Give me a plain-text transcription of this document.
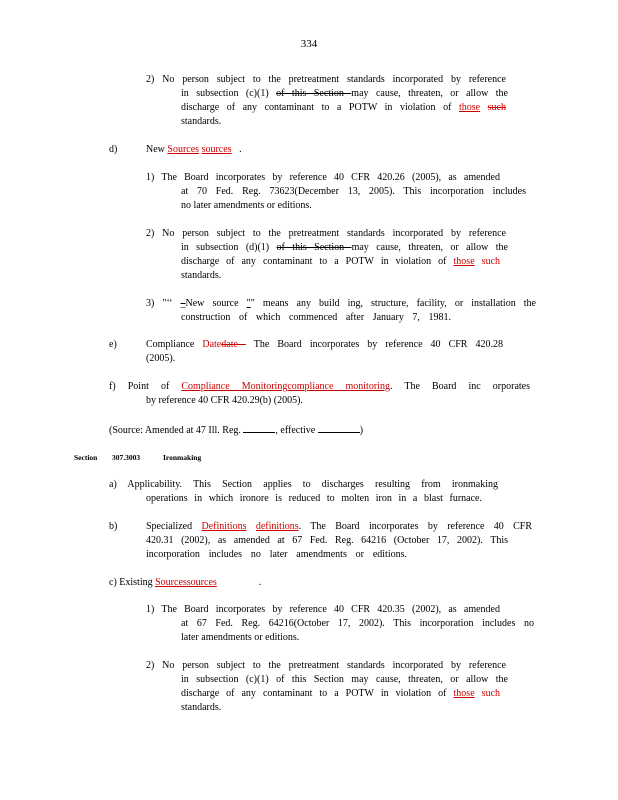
334
2) No person subject to the pretreatment standards incorporated by reference
in subsection (c)(1) of this Section may cause, threaten, or allow the
discharge of any contaminant to a POTW in violation of those such
standards.
d)	New Sources sources .
1) The Board incorporates by reference 40 CFR 420.26 (2005), as amended
at 70 Fed. Reg. 73623(December 13, 2005). This incorporation includes
no later amendments or editions.
2) No person subject to the pretreatment standards incorporated by reference
in subsection (d)(1) of this Section may cause, threaten, or allow the
discharge of any contaminant to a POTW in violation of those such
standards.
3) "‘‘ _New source "" means any build ing, structure, facility, or installation the
construction of which commenced after January 7, 1981.
e)	Compliance Datedate  The Board incorporates by reference 40 CFR 420.28
(2005).
f) Point of Compliance Monitoringcompliance monitoring. The Board inc orporates
by reference 40 CFR 420.29(b) (2005).
(Source: Amended at 47 Ill. Reg.	, effective	)
Section 307.3003	Ironmaking
a) Applicability. This Section applies to discharges resulting from ironmaking
operations in which ironore is reduced to molten iron in a blast furnace.
b)	Specialized Definitions definitions. The Board incorporates by reference 40 CFR
420.31 (2002), as amended at 67 Fed. Reg. 64216 (October 17, 2002). This
incorporation includes no later amendments or editions.
c) Existing Sourcessources	.
1) The Board incorporates by reference 40 CFR 420.35 (2002), as amended
at 67 Fed. Reg. 64216(October 17, 2002). This incorporation includes no
later amendments or editions.
2) No person subject to the pretreatment standards incorporated by reference
in subsection (c)(1) of this Section may cause, threaten, or allow the
discharge of any contaminant to a POTW in violation of those such
standards.
